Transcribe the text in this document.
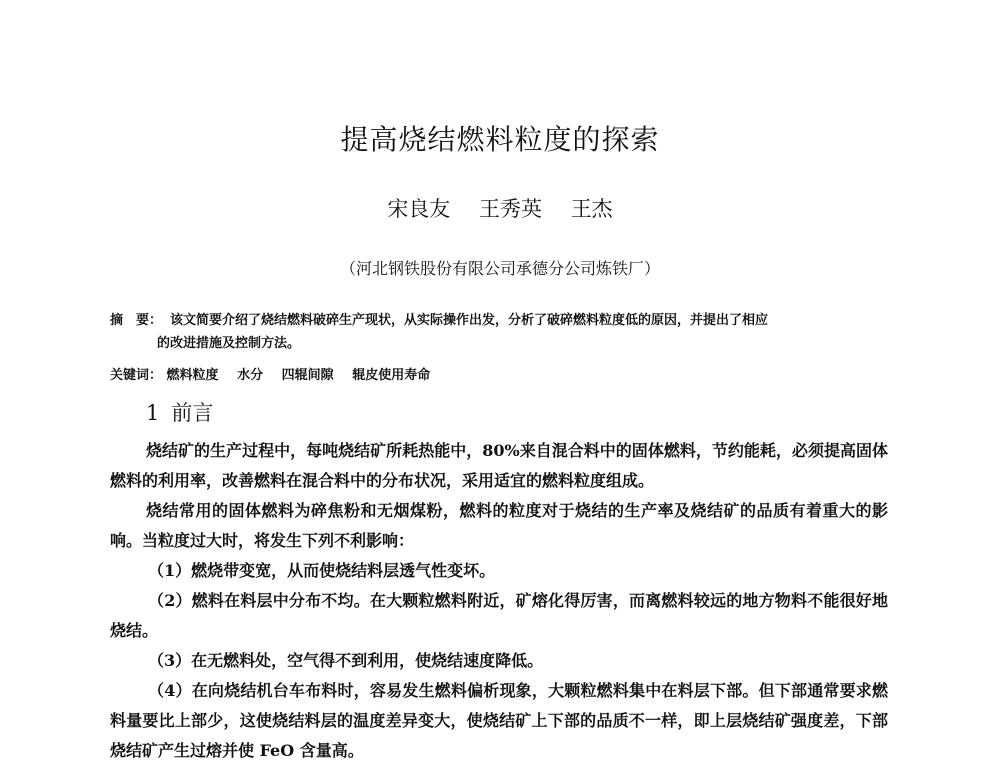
提高烧结燃料粒度的探索
宋良友 王秀英 王杰
（河北钢铁股份有限公司承德分公司炼铁厂）
摘　要： 该文简要介绍了烧结燃料破碎生产现状，从实际操作出发，分析了破碎燃料粒度低的原因，并提出了相应
的改进措施及控制方法。
关键词： 燃料粒度 水分 四辊间隙 辊皮使用寿命
1 前言

烧结矿的生产过程中，每吨烧结矿所耗热能中，80%来自混合料中的固体燃料，节约能耗，必须提高固体燃料的利用率，改善燃料在混合料中的分布状况，采用适宜的燃料粒度组成。

烧结常用的固体燃料为碎焦粉和无烟煤粉，燃料的粒度对于烧结的生产率及烧结矿的品质有着重大的影响。当粒度过大时，将发生下列不利影响：

（1）燃烧带变宽，从而使烧结料层透气性变坏。

（2）燃料在料层中分布不均。在大颗粒燃料附近，矿熔化得厉害，而离燃料较远的地方物料不能很好地烧结。

（3）在无燃料处，空气得不到利用，使烧结速度降低。

（4）在向烧结机台车布料时，容易发生燃料偏析现象，大颗粒燃料集中在料层下部。但下部通常要求燃料量要比上部少，这使烧结料层的温度差异变大，使烧结矿上下部的品质不一样，即上层烧结矿强度差，下部烧结矿产生过熔并使 FeO 含量高。
